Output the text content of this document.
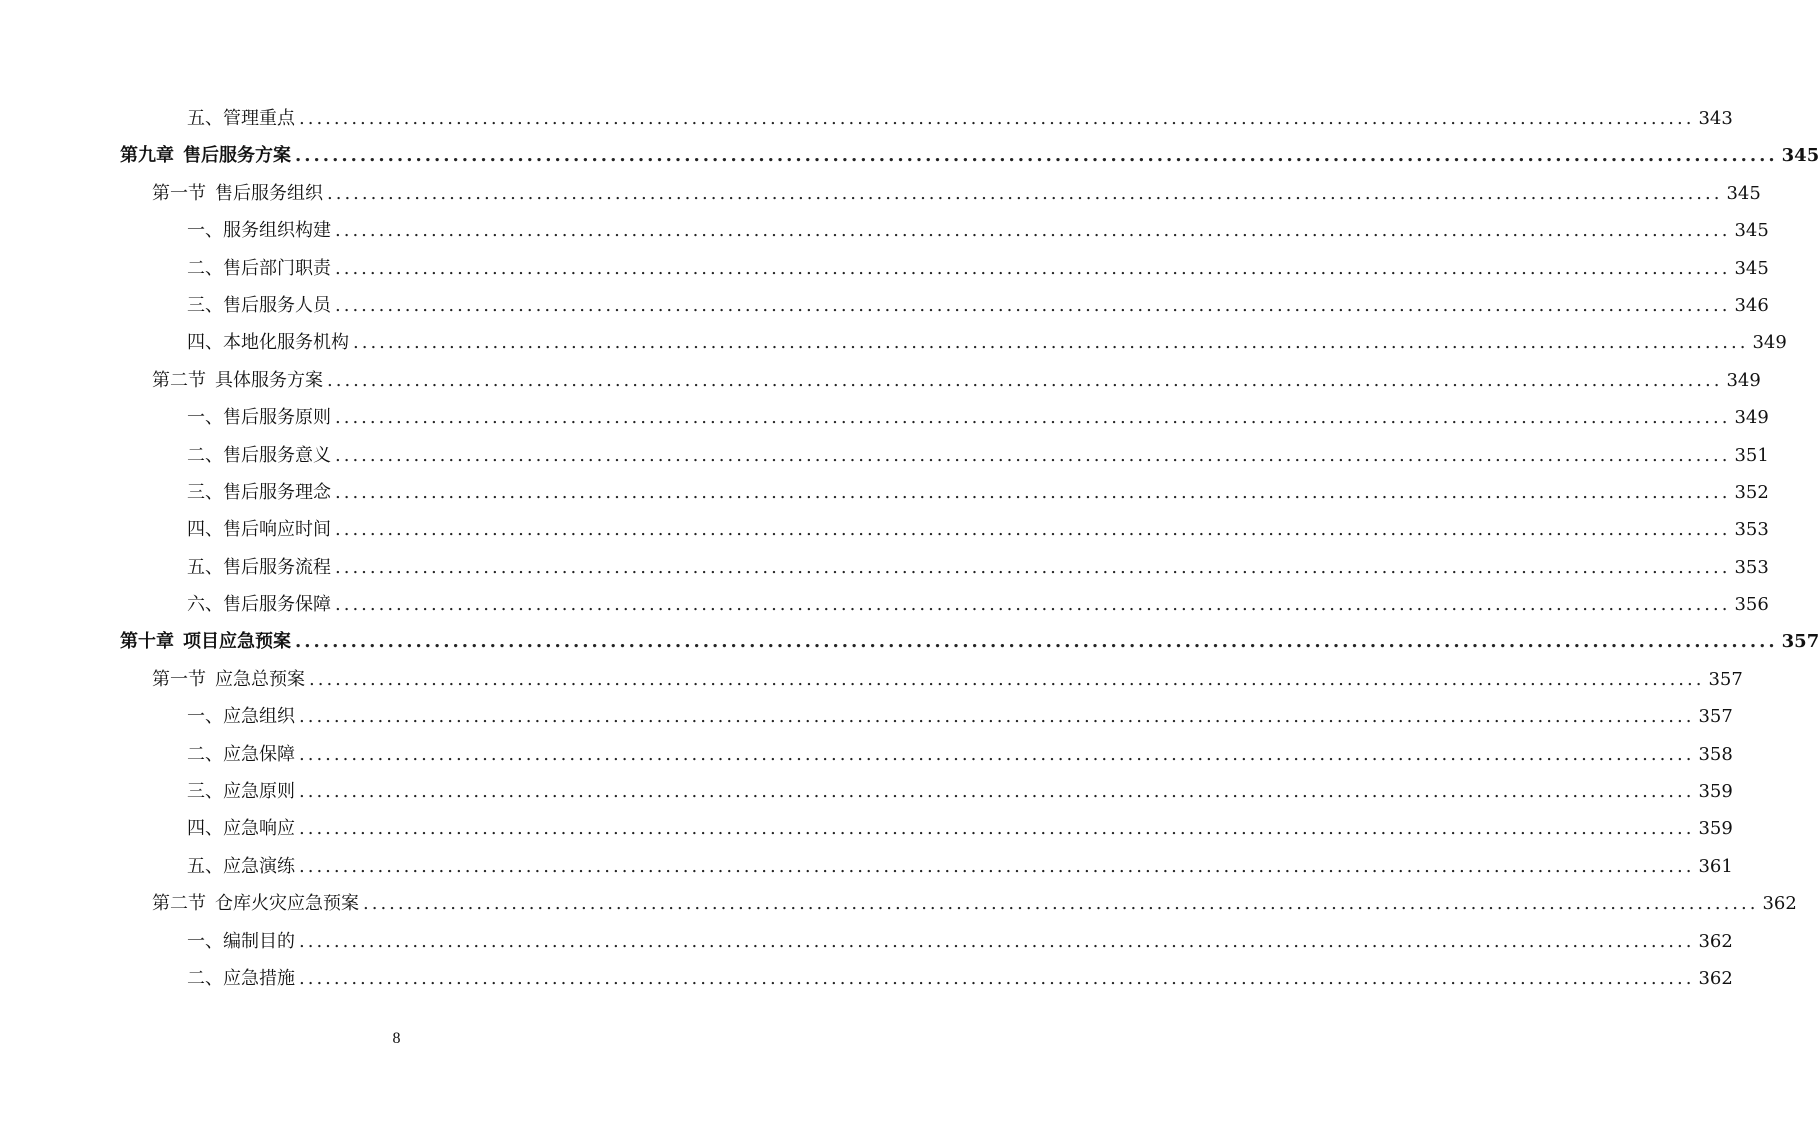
五、管理重点 ................................................................................................................................................................ 343
第九章 售后服务方案 ................................................................................................................................................................ 345
第一节 售后服务组织 ................................................................................................................................................................ 345
一、服务组织构建 ................................................................................................................................................................ 345
二、售后部门职责 ................................................................................................................................................................ 345
三、售后服务人员 ................................................................................................................................................................ 346
四、本地化服务机构 ................................................................................................................................................................ 349
第二节 具体服务方案 ................................................................................................................................................................ 349
一、售后服务原则 ................................................................................................................................................................ 349
二、售后服务意义 ................................................................................................................................................................ 351
三、售后服务理念 ................................................................................................................................................................ 352
四、售后响应时间 ................................................................................................................................................................ 353
五、售后服务流程 ................................................................................................................................................................ 353
六、售后服务保障 ................................................................................................................................................................ 356
第十章 项目应急预案 ................................................................................................................................................................ 357
第一节 应急总预案 ................................................................................................................................................................ 357
一、应急组织 ................................................................................................................................................................ 357
二、应急保障 ................................................................................................................................................................ 358
三、应急原则 ................................................................................................................................................................ 359
四、应急响应 ................................................................................................................................................................ 359
五、应急演练 ................................................................................................................................................................ 361
第二节 仓库火灾应急预案 ................................................................................................................................................................ 362
一、编制目的 ................................................................................................................................................................ 362
二、应急措施 ................................................................................................................................................................ 362
8
